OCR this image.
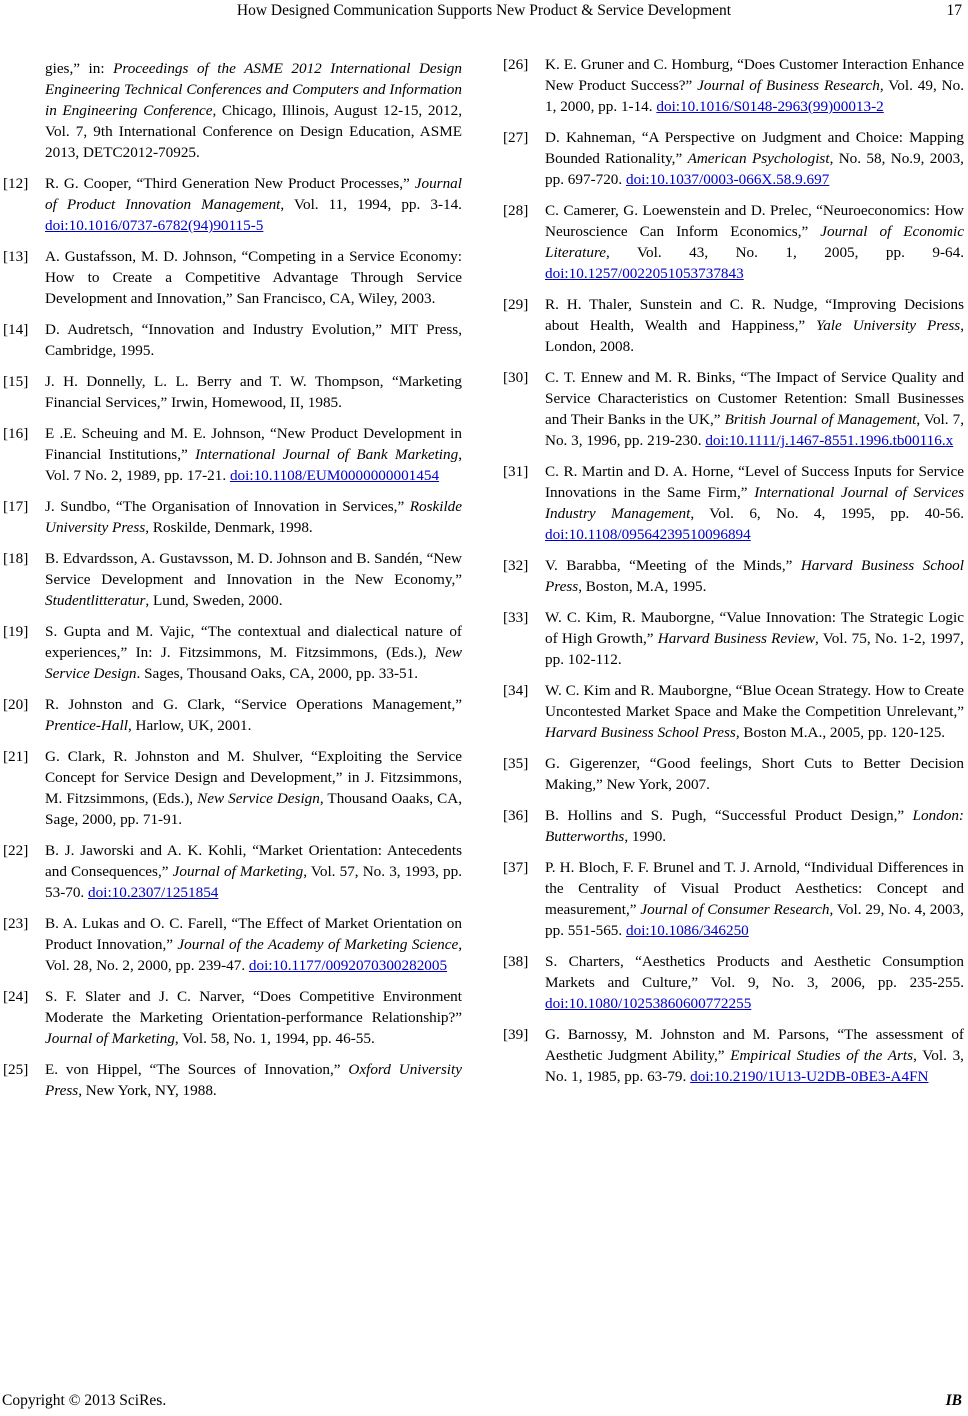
How Designed Communication Supports New Product & Service Development	17
gies,” in: Proceedings of the ASME 2012 International Design Engineering Technical Conferences and Computers and Information in Engineering Conference, Chicago, Illinois, August 12-15, 2012, Vol. 7, 9th International Conference on Design Education, ASME 2013, DETC2012-70925.
[12] R. G. Cooper, “Third Generation New Product Processes,” Journal of Product Innovation Management, Vol. 11, 1994, pp. 3-14. doi:10.1016/0737-6782(94)90115-5
[13] A. Gustafsson, M. D. Johnson, “Competing in a Service Economy: How to Create a Competitive Advantage Through Service Development and Innovation,” San Francisco, CA, Wiley, 2003.
[14] D. Audretsch, “Innovation and Industry Evolution,” MIT Press, Cambridge, 1995.
[15] J. H. Donnelly, L. L. Berry and T. W. Thompson, “Marketing Financial Services,” Irwin, Homewood, II, 1985.
[16] E .E. Scheuing and M. E. Johnson, “New Product Development in Financial Institutions,” International Journal of Bank Marketing, Vol. 7 No. 2, 1989, pp. 17-21. doi:10.1108/EUM0000000001454
[17] J. Sundbo, “The Organisation of Innovation in Services,” Roskilde University Press, Roskilde, Denmark, 1998.
[18] B. Edvardsson, A. Gustavsson, M. D. Johnson and B. Sandén, “New Service Development and Innovation in the New Economy,” Studentlitteratur, Lund, Sweden, 2000.
[19] S. Gupta and M. Vajic, “The contextual and dialectical nature of experiences,” In: J. Fitzsimmons, M. Fitzsimmons, (Eds.), New Service Design. Sages, Thousand Oaks, CA, 2000, pp. 33-51.
[20] R. Johnston and G. Clark, “Service Operations Management,” Prentice-Hall, Harlow, UK, 2001.
[21] G. Clark, R. Johnston and M. Shulver, “Exploiting the Service Concept for Service Design and Development,” in J. Fitzsimmons, M. Fitzsimmons, (Eds.), New Service Design, Thousand Oaaks, CA, Sage, 2000, pp. 71-91.
[22] B. J. Jaworski and A. K. Kohli, “Market Orientation: Antecedents and Consequences,” Journal of Marketing, Vol. 57, No. 3, 1993, pp. 53-70. doi:10.2307/1251854
[23] B. A. Lukas and O. C. Farell, “The Effect of Market Orientation on Product Innovation,” Journal of the Academy of Marketing Science, Vol. 28, No. 2, 2000, pp. 239-47. doi:10.1177/0092070300282005
[24] S. F. Slater and J. C. Narver, “Does Competitive Environment Moderate the Marketing Orientation-performance Relationship?” Journal of Marketing, Vol. 58, No. 1, 1994, pp. 46-55.
[25] E. von Hippel, “The Sources of Innovation,” Oxford University Press, New York, NY, 1988.
[26] K. E. Gruner and C. Homburg, “Does Customer Interaction Enhance New Product Success?” Journal of Business Research, Vol. 49, No. 1, 2000, pp. 1-14. doi:10.1016/S0148-2963(99)00013-2
[27] D. Kahneman, “A Perspective on Judgment and Choice: Mapping Bounded Rationality,” American Psychologist, No. 58, No.9, 2003, pp. 697-720. doi:10.1037/0003-066X.58.9.697
[28] C. Camerer, G. Loewenstein and D. Prelec, “Neuroeconomics: How Neuroscience Can Inform Economics,” Journal of Economic Literature, Vol. 43, No. 1, 2005, pp. 9-64. doi:10.1257/0022051053737843
[29] R. H. Thaler, Sunstein and C. R. Nudge, “Improving Decisions about Health, Wealth and Happiness,” Yale University Press, London, 2008.
[30] C. T. Ennew and M. R. Binks, “The Impact of Service Quality and Service Characteristics on Customer Retention: Small Businesses and Their Banks in the UK,” British Journal of Management, Vol. 7, No. 3, 1996, pp. 219-230. doi:10.1111/j.1467-8551.1996.tb00116.x
[31] C. R. Martin and D. A. Horne, “Level of Success Inputs for Service Innovations in the Same Firm,” International Journal of Services Industry Management, Vol. 6, No. 4, 1995, pp. 40-56. doi:10.1108/09564239510096894
[32] V. Barabba, “Meeting of the Minds,” Harvard Business School Press, Boston, M.A, 1995.
[33] W. C. Kim, R. Mauborgne, “Value Innovation: The Strategic Logic of High Growth,” Harvard Business Review, Vol. 75, No. 1-2, 1997, pp. 102-112.
[34] W. C. Kim and R. Mauborgne, “Blue Ocean Strategy. How to Create Uncontested Market Space and Make the Competition Unrelevant,” Harvard Business School Press, Boston M.A., 2005, pp. 120-125.
[35] G. Gigerenzer, “Good feelings, Short Cuts to Better Decision Making,” New York, 2007.
[36] B. Hollins and S. Pugh, “Successful Product Design,” London: Butterworths, 1990.
[37] P. H. Bloch, F. F. Brunel and T. J. Arnold, “Individual Differences in the Centrality of Visual Product Aesthetics: Concept and measurement,” Journal of Consumer Research, Vol. 29, No. 4, 2003, pp. 551-565. doi:10.1086/346250
[38] S. Charters, “Aesthetics Products and Aesthetic Consumption Markets and Culture,” Vol. 9, No. 3, 2006, pp. 235-255. doi:10.1080/10253860600772255
[39] G. Barnossy, M. Johnston and M. Parsons, “The assessment of Aesthetic Judgment Ability,” Empirical Studies of the Arts, Vol. 3, No. 1, 1985, pp. 63-79. doi:10.2190/1U13-U2DB-0BE3-A4FN
Copyright © 2013 SciRes.	IB
